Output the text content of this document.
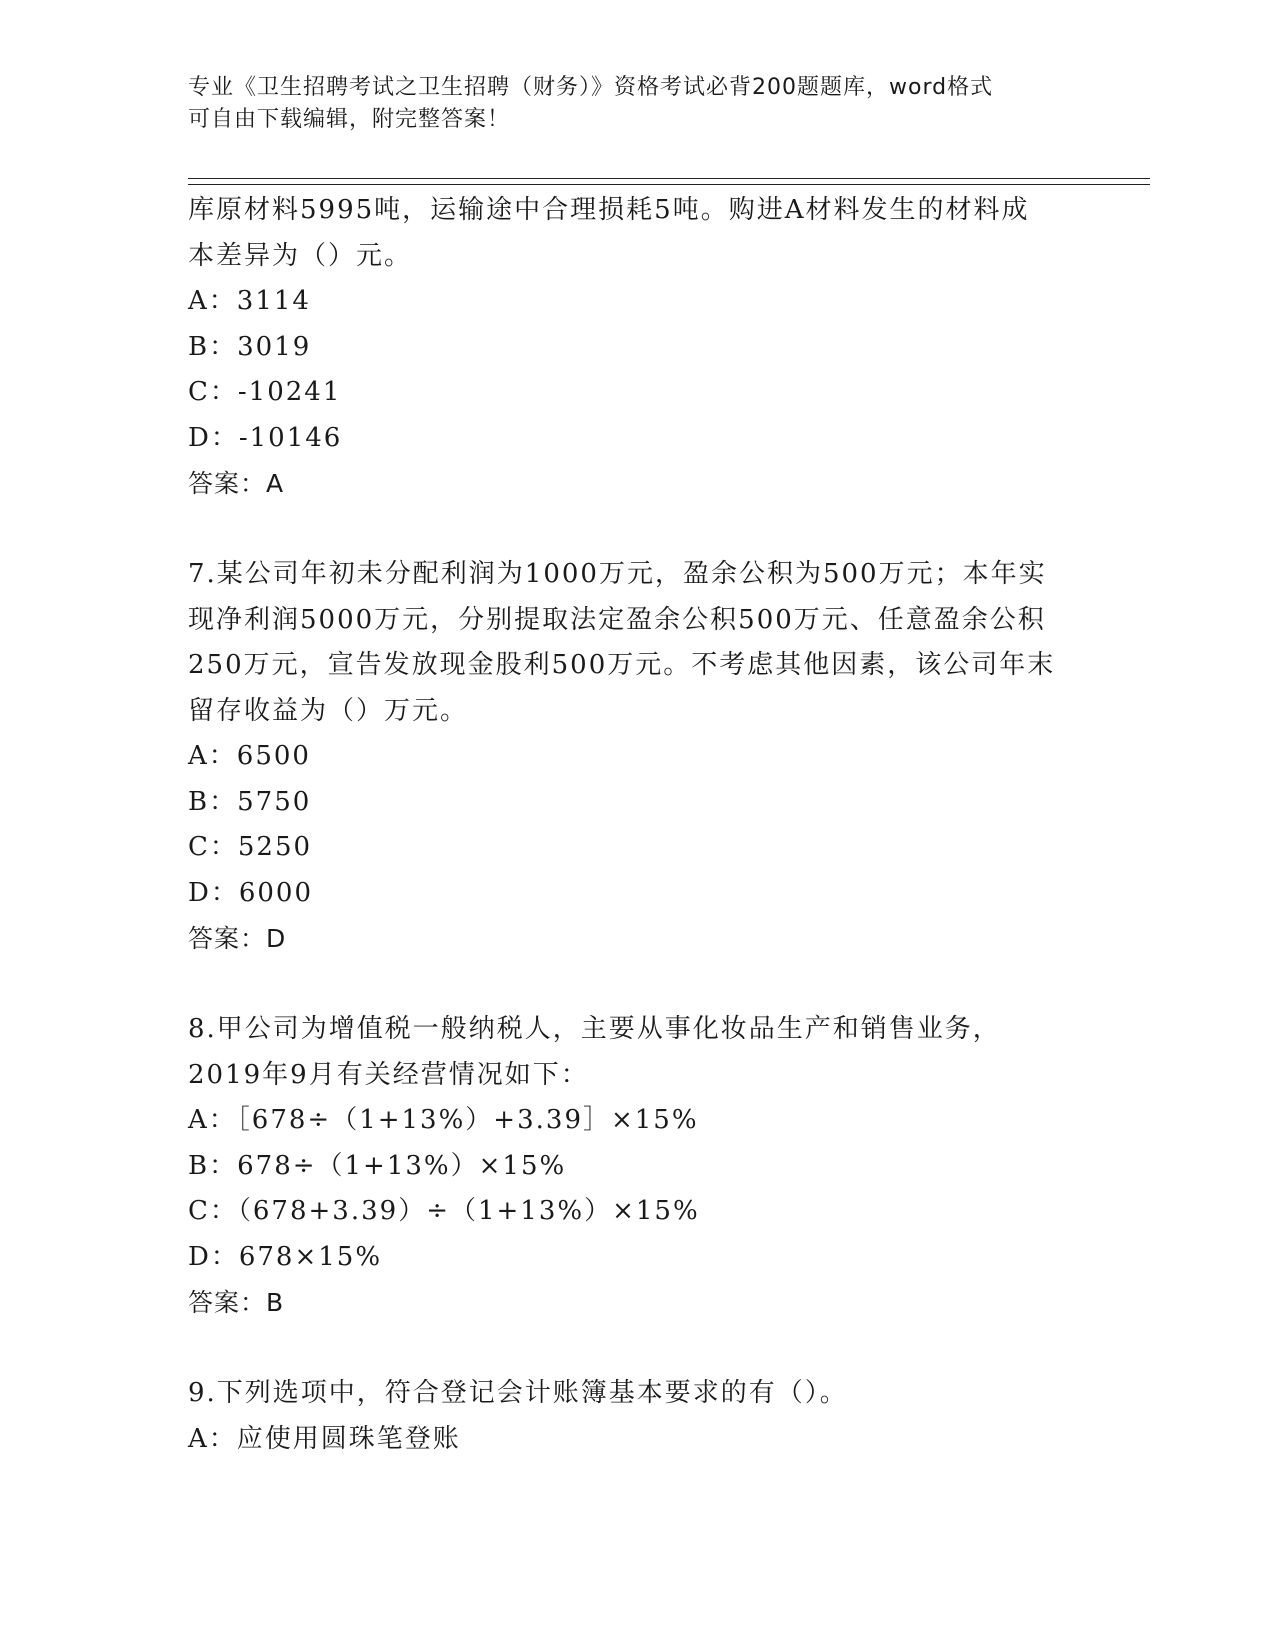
专业《卫生招聘考试之卫生招聘（财务）》资格考试必背200题题库，word格式
可自由下载编辑，附完整答案！
库原材料5995吨，运输途中合理损耗5吨。购进A材料发生的材料成
本差异为（）元。
A：3114
B：3019
C：-10241
D：-10146
答案：A
7.某公司年初未分配利润为1000万元，盈余公积为500万元；本年实
现净利润5000万元，分别提取法定盈余公积500万元、任意盈余公积
250万元，宣告发放现金股利500万元。不考虑其他因素，该公司年末
留存收益为（）万元。
A：6500
B：5750
C：5250
D：6000
答案：D
8.甲公司为增值税一般纳税人，主要从事化妆品生产和销售业务，
2019年9月有关经营情况如下：
A：［678÷（1+13%）+3.39］×15%
B：678÷（1+13%）×15%
C：（678+3.39）÷（1+13%）×15%
D：678×15%
答案：B
9.下列选项中，符合登记会计账簿基本要求的有（）。
A：应使用圆珠笔登账
